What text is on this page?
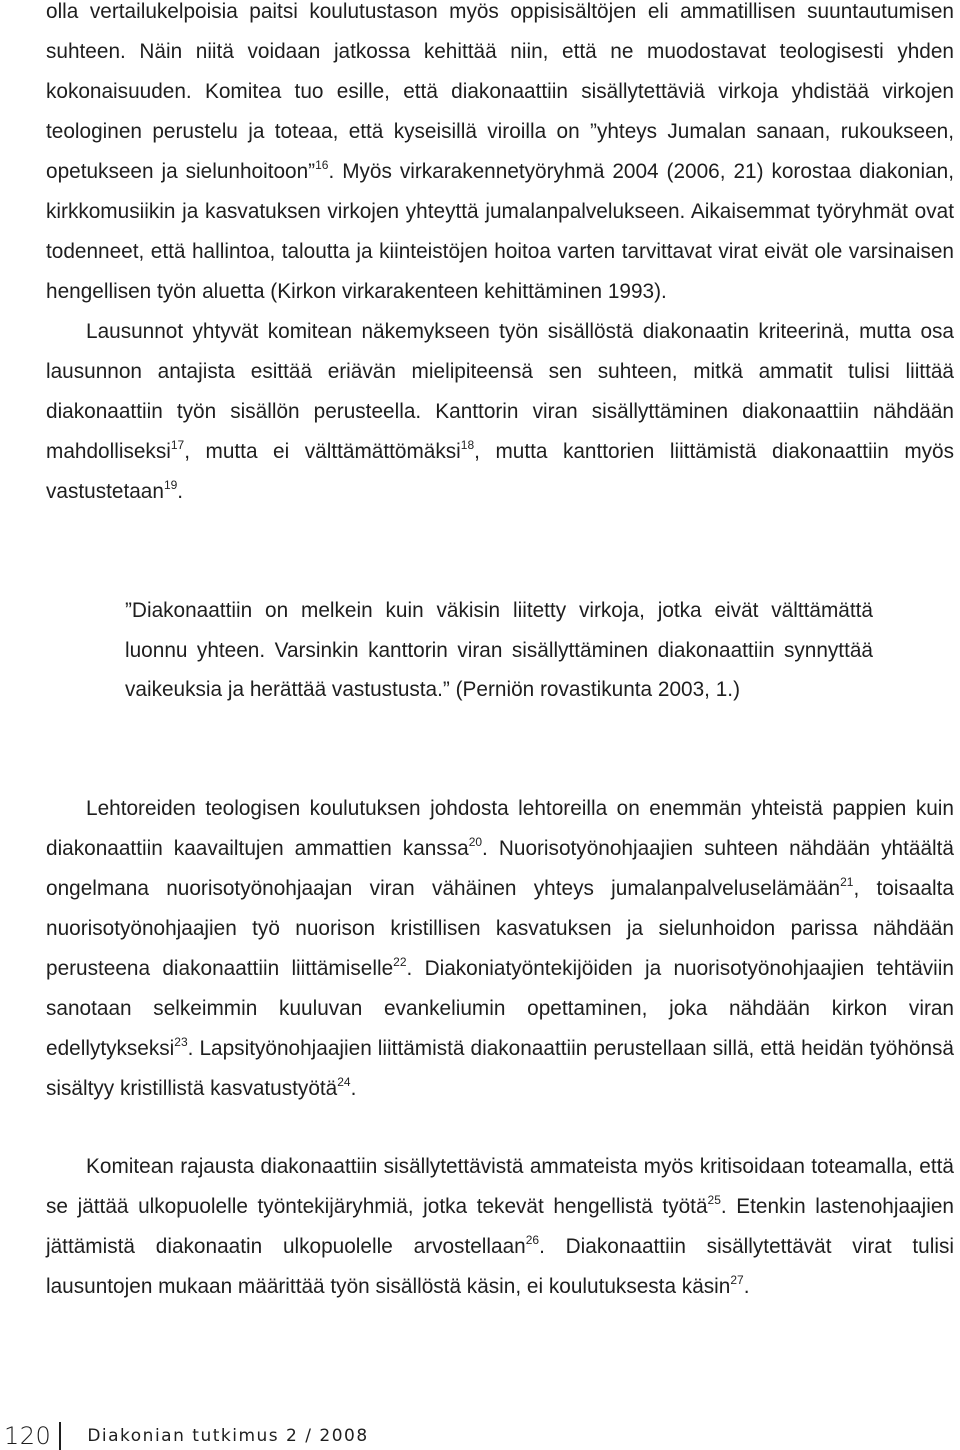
olla vertailukelpoisia paitsi koulutustason myös oppisisältöjen eli ammatillisen suuntautumisen suhteen. Näin niitä voidaan jatkossa kehittää niin, että ne muodostavat teologisesti yhden kokonaisuuden. Komitea tuo esille, että diakonaattiin sisällytettäviä virkoja yhdistää virkojen teologinen perustelu ja toteaa, että kyseisillä viroilla on ”yhteys Jumalan sanaan, rukoukseen, opetukseen ja sielunhoitoon”$^{16}$. Myös virkarakennetyöryhmä 2004 (2006, 21) korostaa diakonian, kirkkomusiikin ja kasvatuksen virkojen yhteyttä jumalanpalvelukseen. Aikaisemmat työryhmät ovat todenneet, että hallintoa, taloutta ja kiinteistöjen hoitoa varten tarvittavat virat eivät ole varsinaisen hengellisen työn aluetta (Kirkon virkarakenteen kehittäminen 1993).

Lausunnot yhtyvät komitean näkemykseen työn sisällöstä diakonaatin kriteerinä, mutta osa lausunnon antajista esittää eriävän mielipiteensä sen suhteen, mitkä ammatit tulisi liittää diakonaattiin työn sisällön perusteella. Kanttorin viran sisällyttäminen diakonaattiin nähdään mahdolliseksi$^{17}$, mutta ei välttämättömäksi$^{18}$, mutta kanttorien liittämistä diakonaattiin myös vastustetaan$^{19}$.

Lehtoreiden teologisen koulutuksen johdosta lehtoreilla on enemmän yhteistä pappien kuin diakonaattiin kaavailtujen ammattien kanssa$^{20}$. Nuorisotyönohjaajien suhteen nähdään yhtäältä ongelmana nuorisotyönohjaajan viran vähäinen yhteys jumalanpalveluselämään$^{21}$, toisaalta nuorisotyönohjaajien työ nuorison kristillisen kasvatuksen ja sielunhoidon parissa nähdään perusteena diakonaattiin liittämiselle$^{22}$. Diakoniatyöntekijöiden ja nuorisotyönohjaajien tehtäviin sanotaan selkeimmin kuuluvan evankeliumin opettaminen, joka nähdään kirkon viran edellytykseksi$^{23}$. Lapsityönohjaajien liittämistä diakonaattiin perustellaan sillä, että heidän työhönsä sisältyy kristillistä kasvatustyötä$^{24}$.

Komitean rajausta diakonaattiin sisällytettävistä ammateista myös kritisoidaan toteamalla, että se jättää ulkopuolelle työntekijäryhmiä, jotka tekevät hengellistä työtä$^{25}$. Etenkin lastenohjaajien jättämistä diakonaatin ulkopuolelle arvostellaan$^{26}$. Diakonaattiin sisällytettävät virat tulisi lausuntojen mukaan määrittää työn sisällöstä käsin, ei koulutuksesta käsin$^{27}$.

”Diakonaattiin on melkein kuin väkisin liitetty virkoja, jotka eivät välttämättä luonnu yhteen. Varsinkin kanttorin viran sisällyttäminen diakonaattiin synnyttää vaikeuksia ja herättää vastustusta.” (Perniön rovastikunta 2003, 1.)

120 Diakonian tutkimus 2 / 2008
